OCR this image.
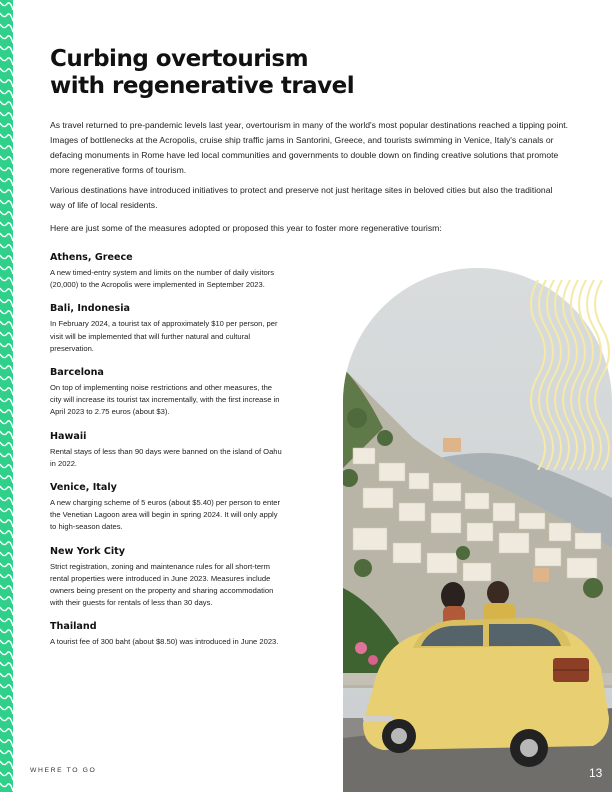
Curbing overtourism
with regenerative travel

As travel returned to pre-pandemic levels last year, overtourism in many of the world's most popular destinations reached a tipping point. Images of bottlenecks at the Acropolis, cruise ship traffic jams in Santorini, Greece, and tourists swimming in Venice, Italy's canals or defacing monuments in Rome have led local communities and governments to double down on finding creative solutions that promote more regenerative forms of tourism.

Various destinations have introduced initiatives to protect and preserve not just heritage sites in beloved cities but also the traditional way of life of local residents.

Here are just some of the measures adopted or proposed this year to foster more regenerative tourism:

Athens, Greece

A new timed-entry system and limits on the number of daily visitors (20,000) to the Acropolis were implemented in September 2023.

Bali, Indonesia

In February 2024, a tourist tax of approximately $10 per person, per visit will be implemented that will further natural and cultural preservation.

Barcelona

On top of implementing noise restrictions and other measures, the city will increase its tourist tax incrementally, with the first increase in April 2023 to 2.75 euros (about $3).

Hawaii

Rental stays of less than 90 days were banned on the island of Oahu in 2022.

Venice, Italy

A new charging scheme of 5 euros (about $5.40) per person to enter the Venetian Lagoon area will begin in spring 2024. It will only apply to high-season dates.

New York City

Strict registration, zoning and maintenance rules for all short-term rental properties were introduced in June 2023. Measures include owners being present on the property and sharing accommodation with their guests for rentals of less than 30 days.

Thailand

A tourist fee of 300 baht (about $8.50) was introduced in June 2023.

WHERE TO GO	13
